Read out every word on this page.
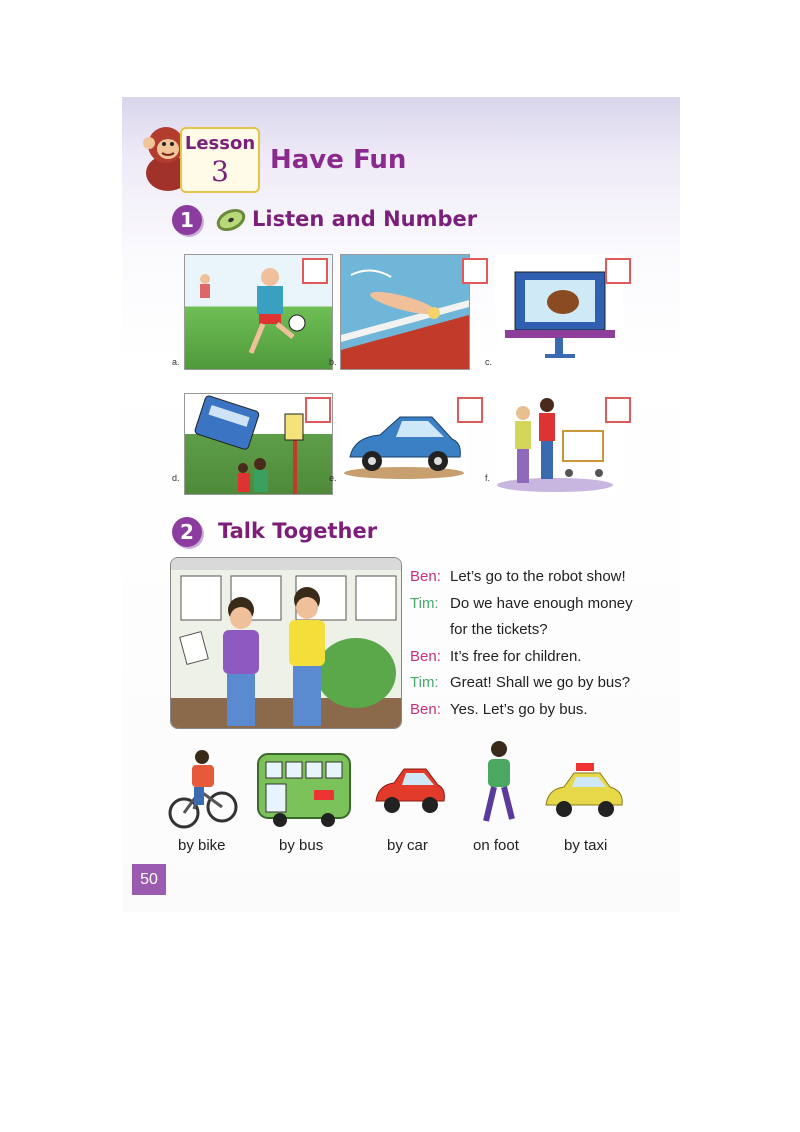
Lesson
3	Have Fun
1	Listen and Number
a.	b.	c.
d.	e.	f.
2	Talk Together
Ben: Let’s go to the robot show!
Tim: Do we have enough money
for the tickets?
Ben: It’s free for children.
Tim: Great! Shall we go by bus?
Ben: Yes. Let’s go by bus.
by bike	by bus	by car	on foot	by taxi
50
